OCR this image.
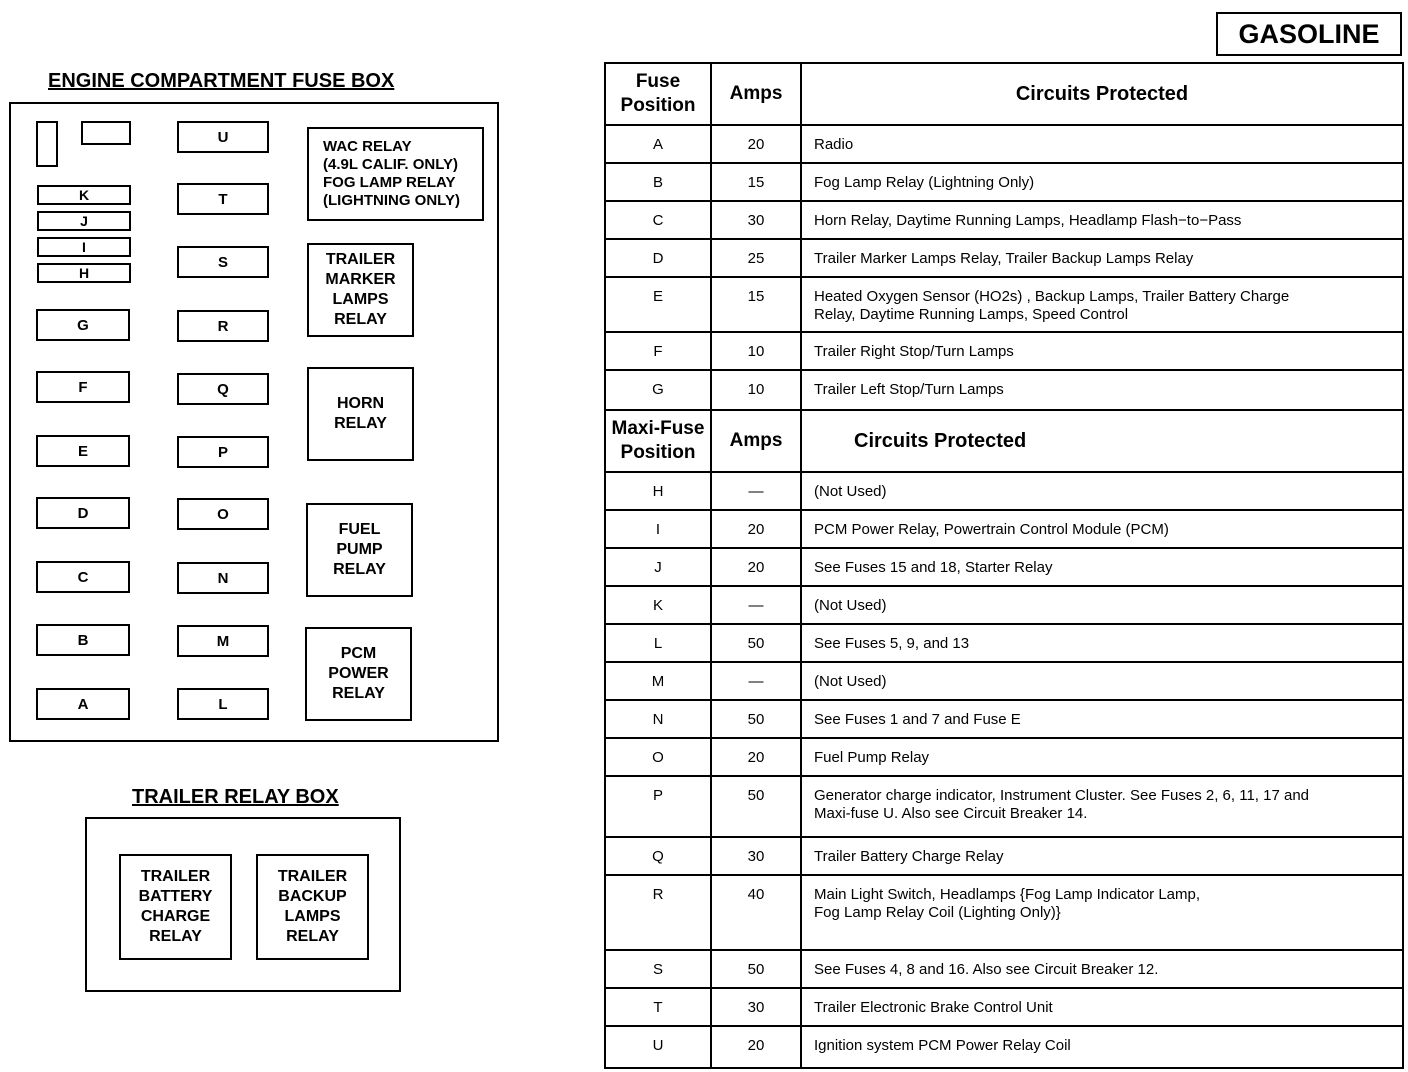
GASOLINE
ENGINE COMPARTMENT FUSE BOX
K
J
I
H
G
F
E
D
C
B
A
U
T
S
R
Q
P
O
N
M
L
WAC RELAY
(4.9L CALIF. ONLY)
FOG LAMP RELAY
(LIGHTNING ONLY)
TRAILER
MARKER
LAMPS
RELAY
HORN
RELAY
FUEL
PUMP
RELAY
PCM
POWER
RELAY
TRAILER RELAY BOX
TRAILER
BATTERY
CHARGE
RELAY
TRAILER
BACKUP
LAMPS
RELAY
Fuse
Position	Amps	Circuits Protected
A	20	Radio
B	15	Fog Lamp Relay (Lightning Only)
C	30	Horn Relay, Daytime Running Lamps, Headlamp Flash−to−Pass
D	25	Trailer Marker Lamps Relay, Trailer Backup Lamps Relay
E	15	Heated Oxygen Sensor (HO2s) , Backup Lamps, Trailer Battery Charge
Relay, Daytime Running Lamps, Speed Control
F	10	Trailer Right Stop/Turn Lamps
G	10	Trailer Left Stop/Turn Lamps
Maxi-Fuse
Position	Amps	Circuits Protected
H	—	(Not Used)
I	20	PCM Power Relay, Powertrain Control Module (PCM)
J	20	See Fuses 15 and 18, Starter Relay
K	—	(Not Used)
L	50	See Fuses 5, 9, and 13
M	—	(Not Used)
N	50	See Fuses 1 and 7 and Fuse E
O	20	Fuel Pump Relay
P	50	Generator charge indicator, Instrument Cluster. See Fuses 2, 6, 11, 17 and
Maxi-fuse U. Also see Circuit Breaker 14.
Q	30	Trailer Battery Charge Relay
R	40	Main Light Switch, Headlamps {Fog Lamp Indicator Lamp,
Fog Lamp Relay Coil (Lighting Only)}
S	50	See Fuses 4, 8 and 16. Also see Circuit Breaker 12.
T	30	Trailer Electronic Brake Control Unit
U	20	Ignition system PCM Power Relay Coil
